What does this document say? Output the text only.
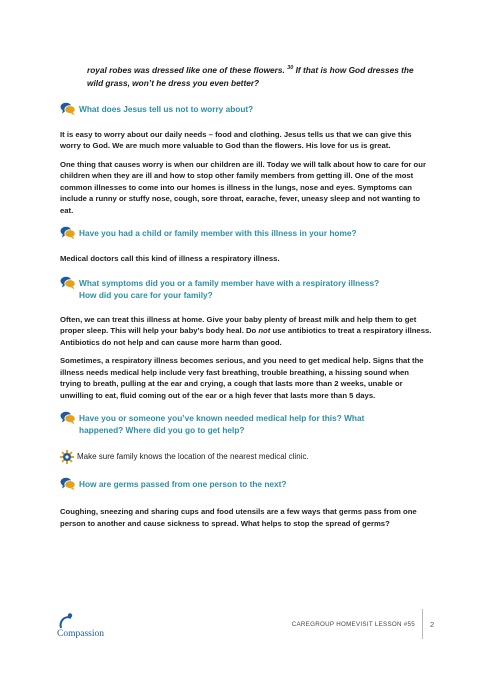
royal robes was dressed like one of these flowers. $^{30}$ If that is how God dresses the
wild grass, won’t he dress you even better?

What does Jesus tell us not to worry about?

It is easy to worry about our daily needs – food and clothing. Jesus tells us that we can give this worry to God. We are much more valuable to God than the flowers. His love for us is great.

One thing that causes worry is when our children are ill. Today we will talk about how to care for our children when they are ill and how to stop other family members from getting ill. One of the most common illnesses to come into our homes is illness in the lungs, nose and eyes. Symptoms can include a runny or stuffy nose, cough, sore throat, earache, fever, uneasy sleep and not wanting to eat.

Have you had a child or family member with this illness in your home?

Medical doctors call this kind of illness a respiratory illness.

What symptoms did you or a family member have with a respiratory illness?
How did you care for your family?

Often, we can treat this illness at home. Give your baby plenty of breast milk and help them to get proper sleep. This will help your baby’s body heal. Do not use antibiotics to treat a respiratory illness. Antibiotics do not help and can cause more harm than good.

Sometimes, a respiratory illness becomes serious, and you need to get medical help. Signs that the illness needs medical help include very fast breathing, trouble breathing, a hissing sound when trying to breath, pulling at the ear and crying, a cough that lasts more than 2 weeks, unable or unwilling to eat, fluid coming out of the ear or a high fever that lasts more than 5 days.

Have you or someone you’ve known needed medical help for this? What
happened? Where did you go to get help?
Make sure family knows the location of the nearest medical clinic.
How are germs passed from one person to the next?

Coughing, sneezing and sharing cups and food utensils are a few ways that germs pass from one person to another and cause sickness to spread. What helps to stop the spread of germs?

Compassion
CAREGROUP HOMEVISIT LESSON #55 2
